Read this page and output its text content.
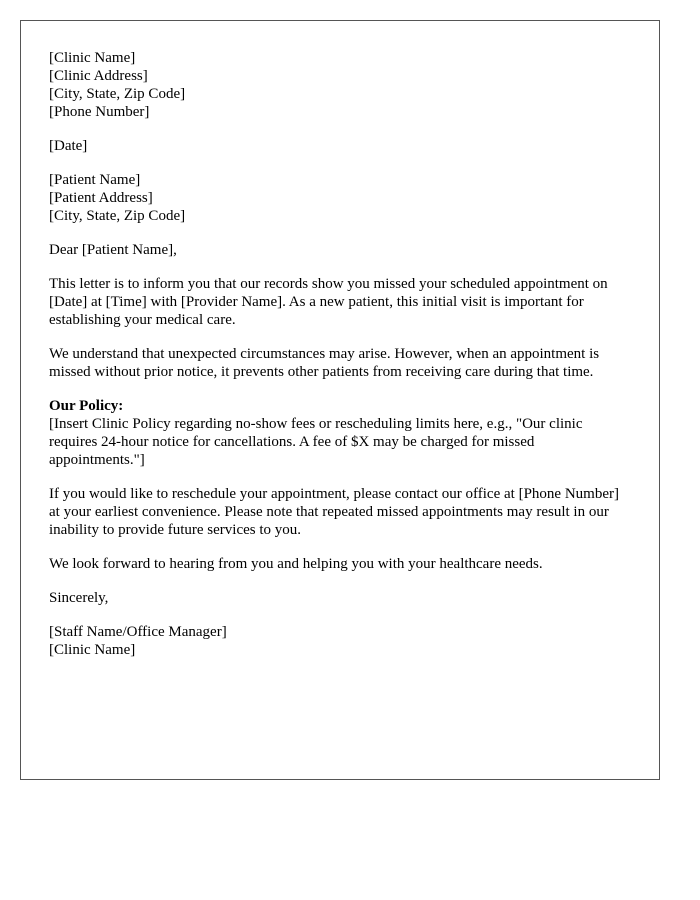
[Clinic Name]
[Clinic Address]
[City, State, Zip Code]
[Phone Number]
[Date]
[Patient Name]
[Patient Address]
[City, State, Zip Code]

Dear [Patient Name],

This letter is to inform you that our records show you missed your scheduled appointment on [Date] at [Time] with [Provider Name]. As a new patient, this initial visit is important for establishing your medical care.

We understand that unexpected circumstances may arise. However, when an appointment is missed without prior notice, it prevents other patients from receiving care during that time.

Our Policy:
[Insert Clinic Policy regarding no-show fees or rescheduling limits here, e.g., "Our clinic requires 24-hour notice for cancellations. A fee of $X may be charged for missed appointments."]

If you would like to reschedule your appointment, please contact our office at [Phone Number] at your earliest convenience. Please note that repeated missed appointments may result in our inability to provide future services to you.

We look forward to hearing from you and helping you with your healthcare needs.

Sincerely,

[Staff Name/Office Manager]
[Clinic Name]
